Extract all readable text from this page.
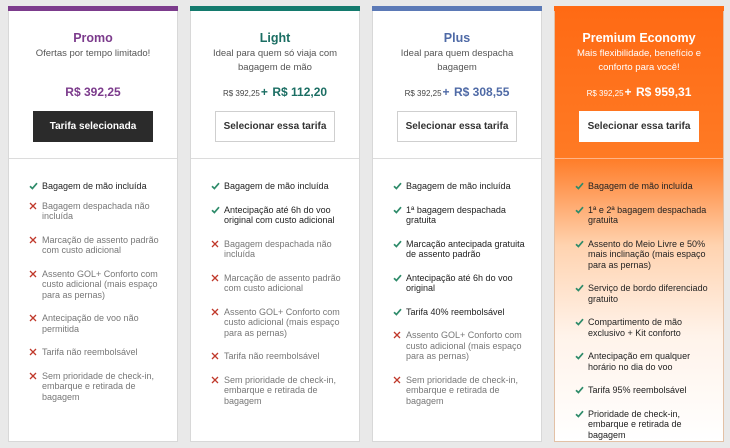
Promo
Ofertas por tempo limitado!
R$ 392,25
Tarifa selecionada
Bagagem de mão incluída
Bagagem despachada não incluída
Marcação de assento padrão com custo adicional
Assento GOL+ Conforto com custo adicional (mais espaço para as pernas)
Antecipação de voo não permitida
Tarifa não reembolsável
Sem prioridade de check-in, embarque e retirada de bagagem
Light
Ideal para quem só viaja com bagagem de mão
R$ 392,25+ R$ 112,20
Selecionar essa tarifa
Bagagem de mão incluída
Antecipação até 6h do voo original com custo adicional
Bagagem despachada não incluída
Marcação de assento padrão com custo adicional
Assento GOL+ Conforto com custo adicional (mais espaço para as pernas)
Tarifa não reembolsável
Sem prioridade de check-in, embarque e retirada de bagagem
Plus
Ideal para quem despacha bagagem
R$ 392,25+ R$ 308,55
Selecionar essa tarifa
Bagagem de mão incluída
1ª bagagem despachada gratuita
Marcação antecipada gratuita de assento padrão
Antecipação até 6h do voo original
Tarifa 40% reembolsável
Assento GOL+ Conforto com custo adicional (mais espaço para as pernas)
Sem prioridade de check-in, embarque e retirada de bagagem
Premium Economy
Mais flexibilidade, benefício e conforto para você!
R$ 392,25+ R$ 959,31
Selecionar essa tarifa
Bagagem de mão incluída
1ª e 2ª bagagem despachada gratuita
Assento do Meio Livre e 50% mais inclinação (mais espaço para as pernas)
Serviço de bordo diferenciado gratuito
Compartimento de mão exclusivo + Kit conforto
Antecipação em qualquer horário no dia do voo
Tarifa 95% reembolsável
Prioridade de check-in, embarque e retirada de bagagem
